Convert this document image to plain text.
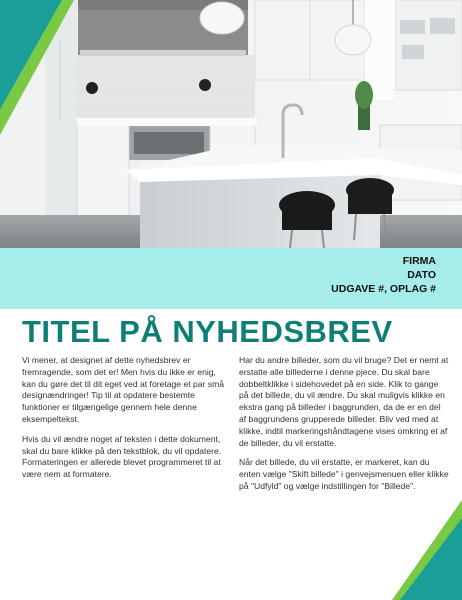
FIRMA
DATO
UDGAVE #, OPLAG #
TITEL PÅ NYHEDSBREV

Vi mener, at designet af dette nyhedsbrev er fremragende, som det er! Men hvis du ikke er enig, kan du gøre det til dit eget ved at foretage et par små designændringer! Tip til at opdatere bestemte funktioner er tilgængelige gennem hele denne eksempeltekst.

Hvis du vil ændre noget af teksten i dette dokument, skal du bare klikke på den tekstblok, du vil opdatere. Formateringen er allerede blevet programmeret til at være nem at formatere.

Har du andre billeder, som du vil bruge? Det er nemt at erstatte alle billederne i denne pjece. Du skal bare dobbeltklikke i sidehovedet på en side. Klik to gange på det billede, du vil ændre. Du skal muligvis klikke en ekstra gang på billeder i baggrunden, da de er en del af baggrundens grupperede billeder. Bliv ved med at klikke, indtil markeringshåndtagene vises omkring et af de billeder, du vil erstatte.

Når det billede, du vil erstatte, er markeret, kan du enten vælge "Skift billede" i genvejsmenuen eller klikke på "Udfyld" og vælge indstillingen for "Billede".
